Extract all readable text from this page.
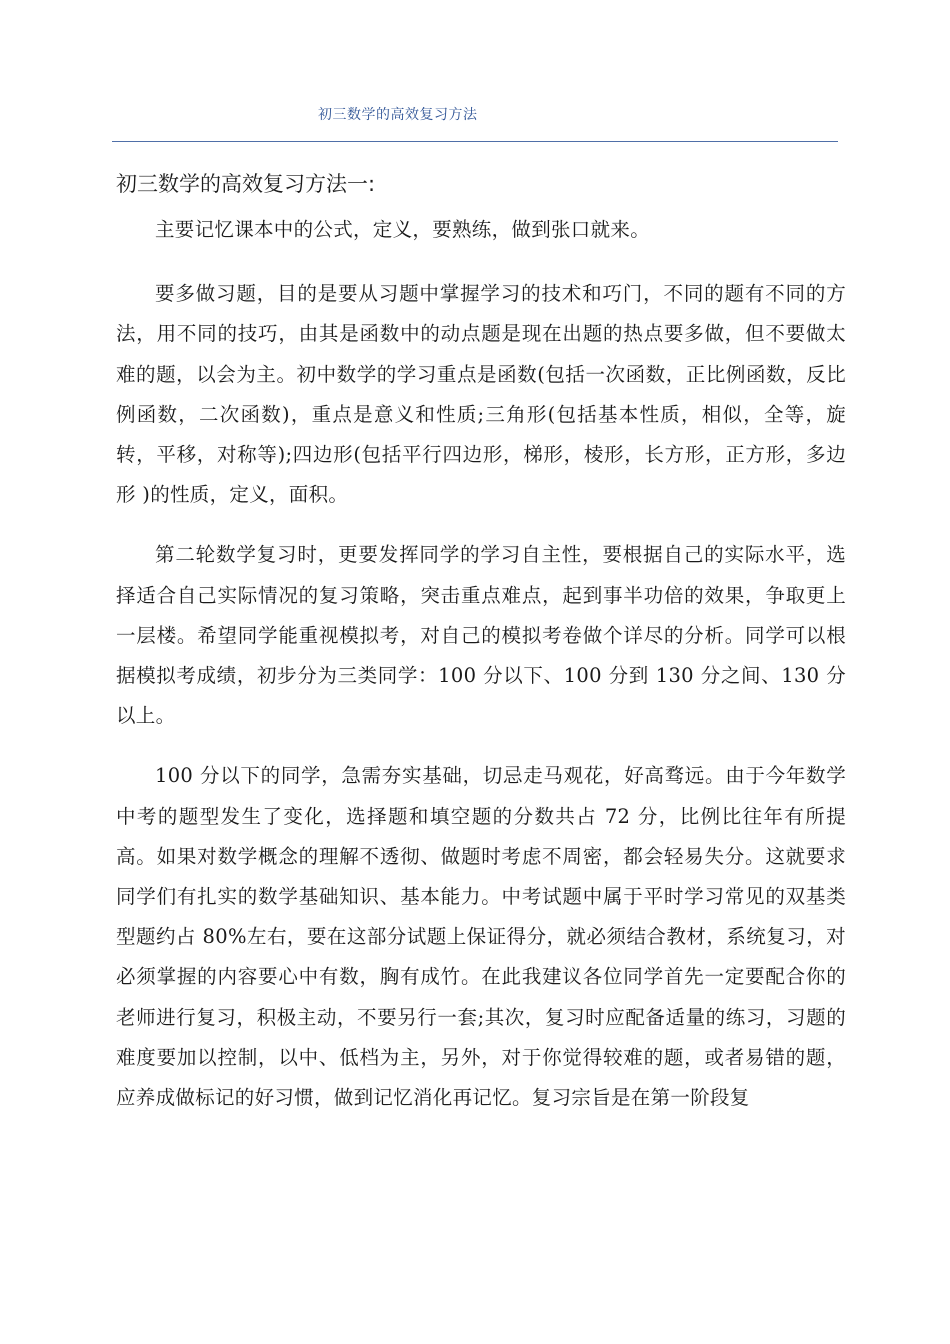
初三数学的高效复习方法
初三数学的高效复习方法一:

主要记忆课本中的公式，定义，要熟练，做到张口就来。

要多做习题，目的是要从习题中掌握学习的技术和巧门，不同的题有不同的方法，用不同的技巧，由其是函数中的动点题是现在出题的热点要多做，但不要做太难的题，以会为主。初中数学的学习重点是函数(包括一次函数，正比例函数，反比例函数，二次函数)，重点是意义和性质;三角形(包括基本性质，相似，全等，旋转，平移，对称等);四边形(包括平行四边形，梯形，棱形，长方形，正方形，多边形 )的性质，定义，面积。

第二轮数学复习时，更要发挥同学的学习自主性，要根据自己的实际水平，选择适合自己实际情况的复习策略，突击重点难点，起到事半功倍的效果，争取更上一层楼。希望同学能重视模拟考，对自己的模拟考卷做个详尽的分析。同学可以根据模拟考成绩，初步分为三类同学：100 分以下、100 分到 130 分之间、130 分以上。

100 分以下的同学，急需夯实基础，切忌走马观花，好高骛远。由于今年数学中考的题型发生了变化，选择题和填空题的分数共占 72 分，比例比往年有所提高。如果对数学概念的理解不透彻、做题时考虑不周密，都会轻易失分。这就要求同学们有扎实的数学基础知识、基本能力。中考试题中属于平时学习常见的双基类型题约占 80%左右，要在这部分试题上保证得分，就必须结合教材，系统复习，对必须掌握的内容要心中有数，胸有成竹。在此我建议各位同学首先一定要配合你的老师进行复习，积极主动，不要另行一套;其次，复习时应配备适量的练习，习题的难度要加以控制，以中、低档为主，另外，对于你觉得较难的题，或者易错的题，应养成做标记的好习惯，做到记忆消化再记忆。复习宗旨是在第一阶段复
